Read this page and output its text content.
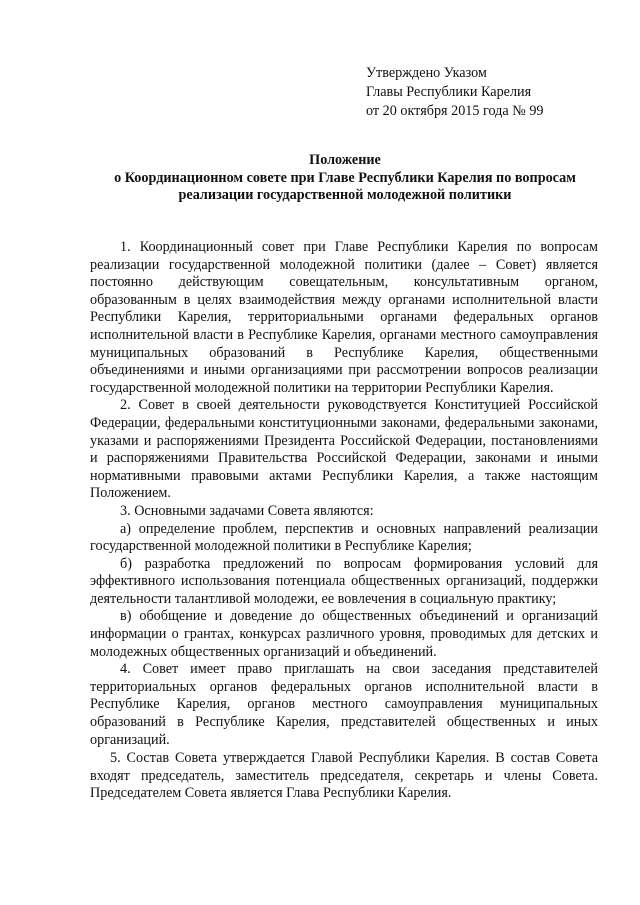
Утверждено Указом
Главы Республики Карелия
от 20 октября 2015 года № 99
Положение
о Координационном совете при Главе Республики Карелия по вопросам
реализации государственной молодежной политики

1. Координационный совет при Главе Республики Карелия по вопросам реализации государственной молодежной политики (далее – Совет) является постоянно действующим совещательным, консультативным органом, образованным в целях взаимодействия между органами исполнительной власти Республики Карелия, территориальными органами федеральных органов исполнительной власти в Республике Карелия, органами местного самоуправления муниципальных образований в Республике Карелия, общественными объединениями и иными организациями при рассмотрении вопросов реализации государственной молодежной политики на территории Республики Карелия.

2. Совет в своей деятельности руководствуется Конституцией Российской Федерации, федеральными конституционными законами, федеральными законами, указами и распоряжениями Президента Российской Федерации, постановлениями и распоряжениями Правительства Российской Федерации, законами и иными нормативными правовыми актами Республики Карелия, а также настоящим Положением.

3. Основными задачами Совета являются:

а) определение проблем, перспектив и основных направлений реализации государственной молодежной политики в Республике Карелия;

б) разработка предложений по вопросам формирования условий для эффективного использования потенциала общественных организаций, поддержки деятельности талантливой молодежи, ее вовлечения в социальную практику;

в) обобщение и доведение до общественных объединений и организаций информации о грантах, конкурсах различного уровня, проводимых для детских и молодежных общественных организаций и объединений.

4. Совет имеет право приглашать на свои заседания представителей территориальных органов федеральных органов исполнительной власти в Республике Карелия, органов местного самоуправления муниципальных образований в Республике Карелия, представителей общественных и иных организаций.

5. Состав Совета утверждается Главой Республики Карелия. В состав Совета входят председатель, заместитель председателя, секретарь и члены Совета. Председателем Совета является Глава Республики Карелия.
